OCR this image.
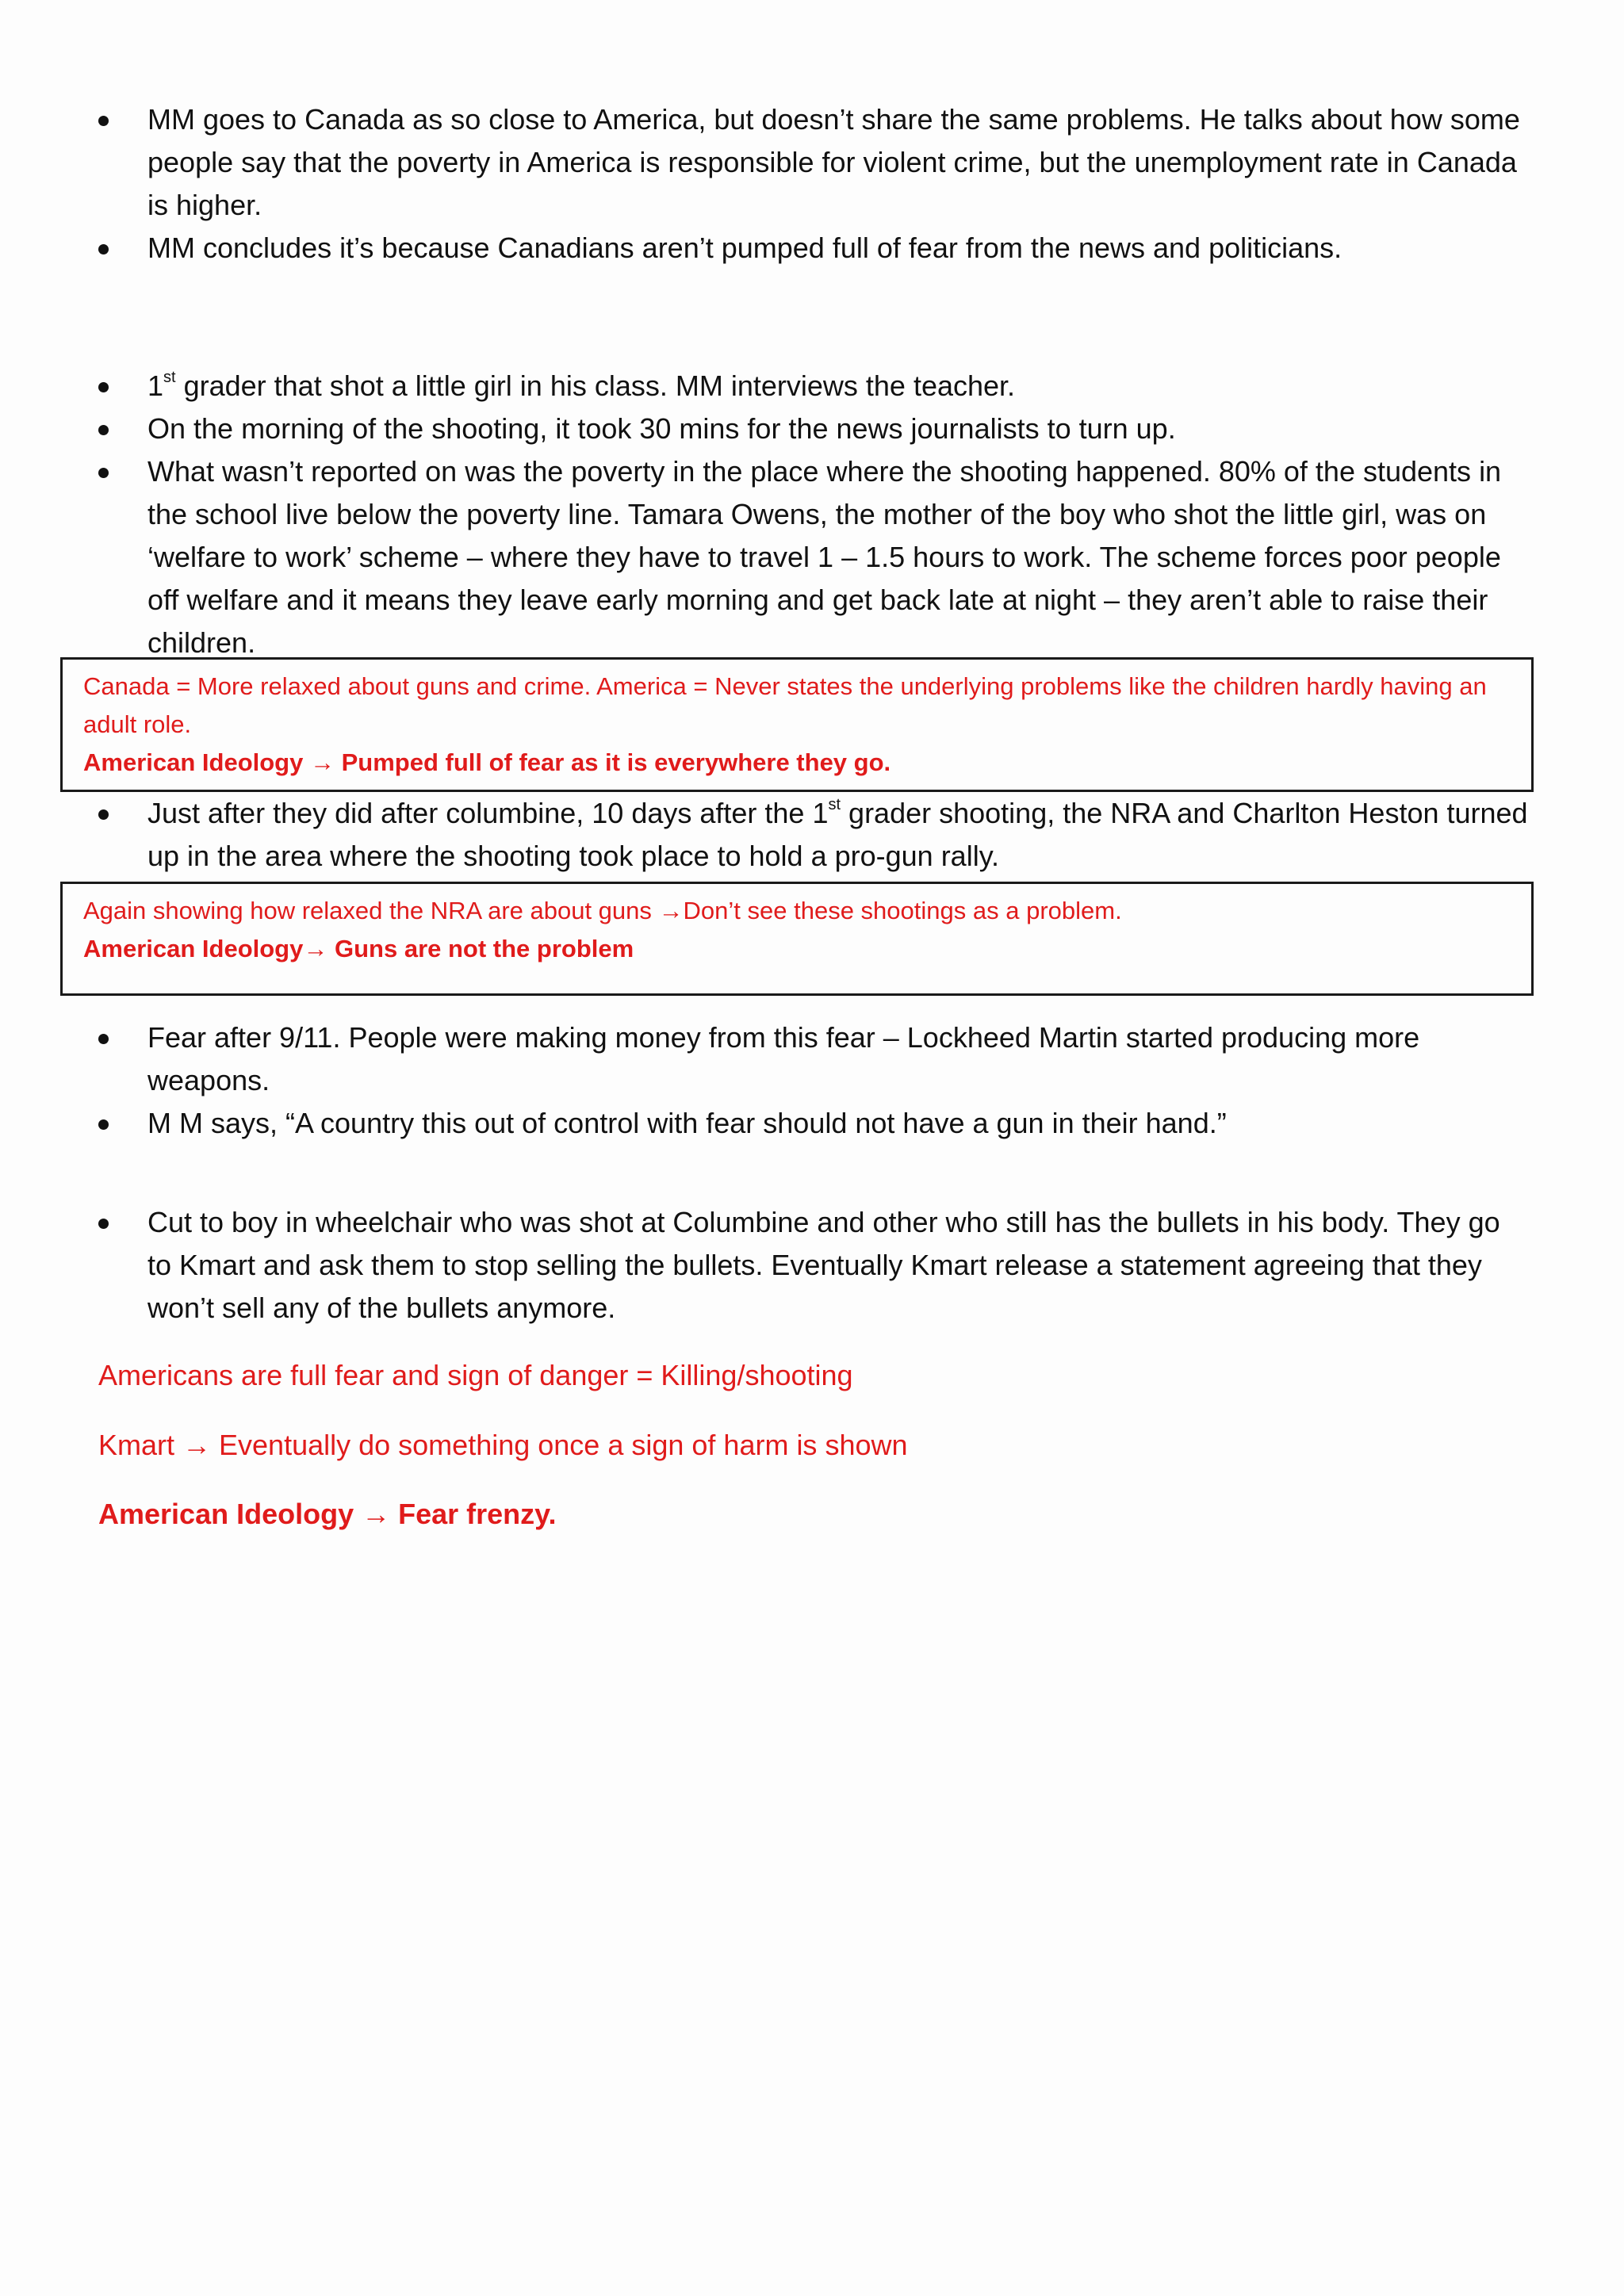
MM goes to Canada as so close to America, but doesn’t share the same problems. He talks about how some people say that the poverty in America is responsible for violent crime, but the unemployment rate in Canada is higher.
MM concludes it’s because Canadians aren’t pumped full of fear from the news and politicians.
1st grader that shot a little girl in his class. MM interviews the teacher.
On the morning of the shooting, it took 30 mins for the news journalists to turn up.
What wasn’t reported on was the poverty in the place where the shooting happened. 80% of the students in the school live below the poverty line. Tamara Owens, the mother of the boy who shot the little girl, was on ‘welfare to work’ scheme – where they have to travel 1 – 1.5 hours to work. The scheme forces poor people off welfare and it means they leave early morning and get back late at night – they aren’t able to raise their children.

Canada = More relaxed about guns and crime. America = Never states the underlying problems like the children hardly having an adult role.

American Ideology → Pumped full of fear as it is everywhere they go.

Just after they did after columbine, 10 days after the 1st grader shooting, the NRA and Charlton Heston turned up in the area where the shooting took place to hold a pro-gun rally.

Again showing how relaxed the NRA are about guns →Don’t see these shootings as a problem.

American Ideology→ Guns are not the problem

Fear after 9/11. People were making money from this fear – Lockheed Martin started producing more weapons.
M M says, “A country this out of control with fear should not have a gun in their hand.”
Cut to boy in wheelchair who was shot at Columbine and other who still has the bullets in his body. They go to Kmart and ask them to stop selling the bullets. Eventually Kmart release a statement agreeing that they won’t sell any of the bullets anymore.

Americans are full fear and sign of danger = Killing/shooting

Kmart → Eventually do something once a sign of harm is shown

American Ideology → Fear frenzy.
